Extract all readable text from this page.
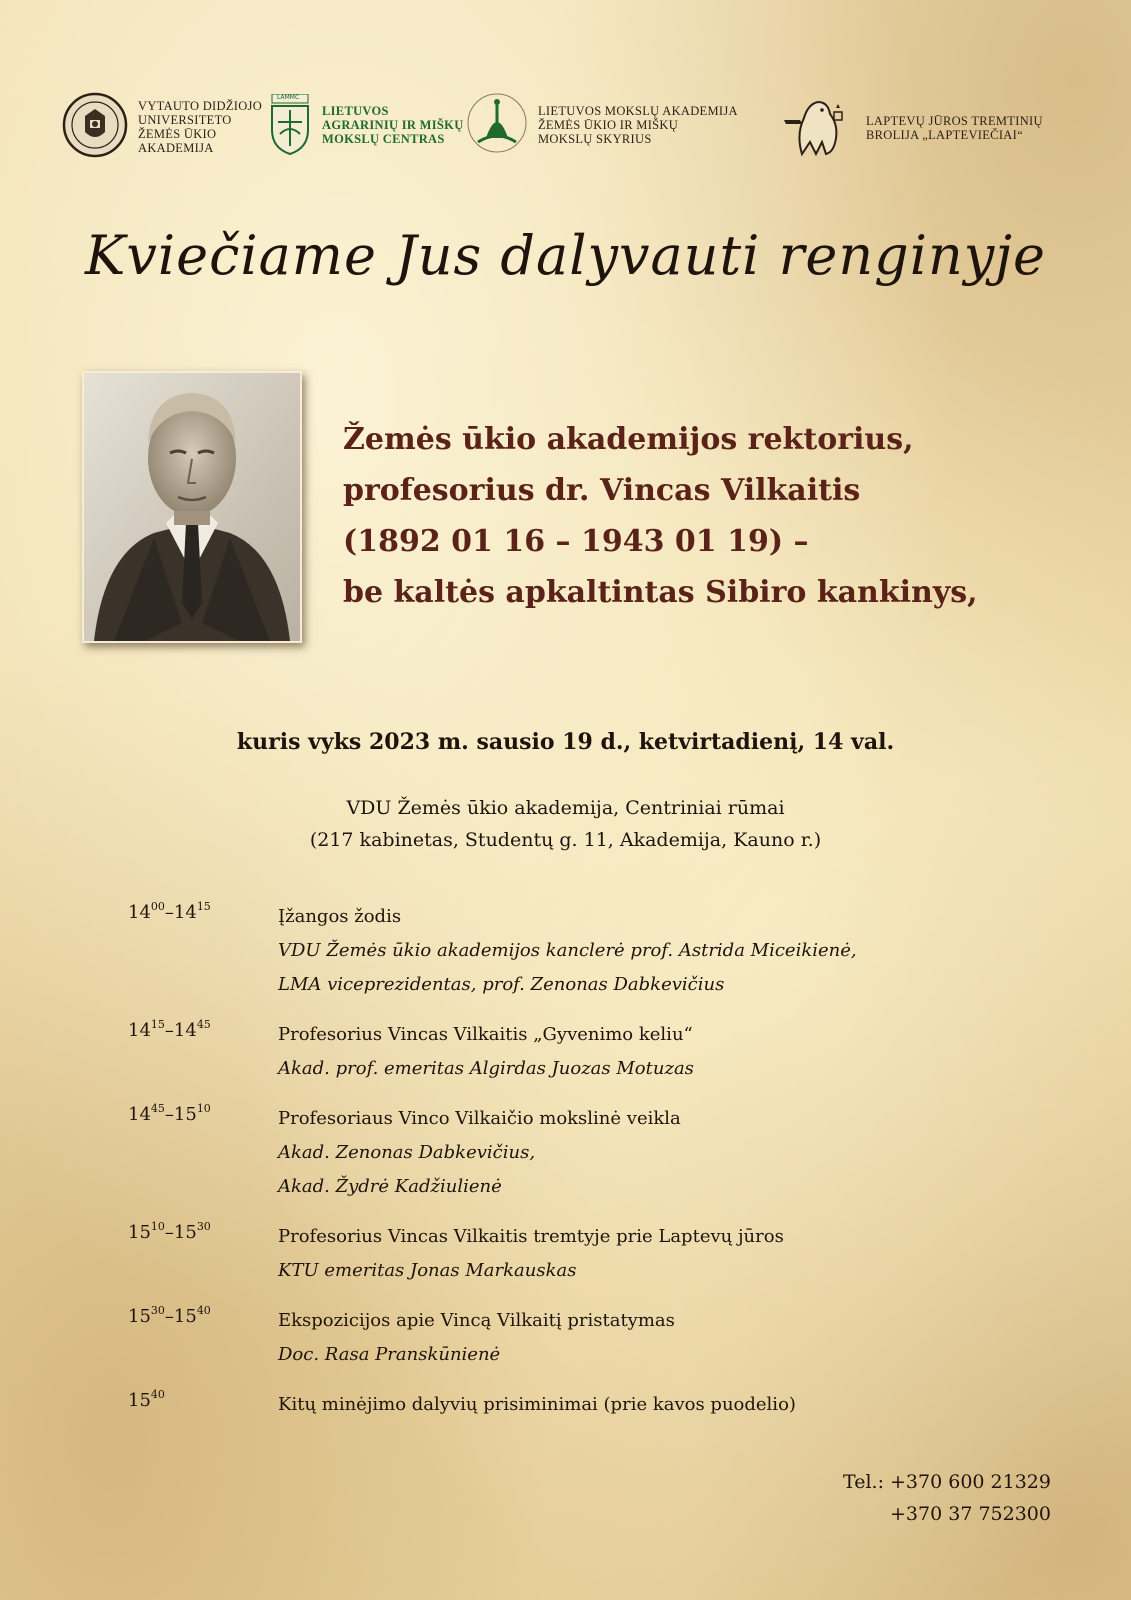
VYTAUTO DIDŽIOJO
UNIVERSITETO
ŽEMĖS ŪKIO
AKADEMIJA
LAMMC
LIETUVOS
AGRARINIŲ IR MIŠKŲ
MOKSLŲ CENTRAS
LIETUVOS MOKSLŲ AKADEMIJA
ŽEMĖS ŪKIO IR MIŠKŲ
MOKSLŲ SKYRIUS
LAPTEVŲ JŪROS TREMTINIŲ
BROLIJA „LAPTEVIEČIAI“
Kviečiame Jus dalyvauti renginyje
Žemės ūkio akademijos rektorius,
profesorius dr. Vincas Vilkaitis
(1892 01 16 – 1943 01 19) –
be kaltės apkaltintas Sibiro kankinys,
kuris vyks 2023 m. sausio 19 d., ketvirtadienį, 14 val.
VDU Žemės ūkio akademija, Centriniai rūmai
(217 kabinetas, Studentų g. 11, Akademija, Kauno r.)
$14^{00}-14^{15}$	Įžangos žodis
VDU Žemės ūkio akademijos kanclerė prof. Astrida Miceikienė,
LMA viceprezidentas, prof. Zenonas Dabkevičius
$14^{15}-14^{45}$	Profesorius Vincas Vilkaitis „Gyvenimo keliu“
Akad. prof. emeritas Algirdas Juozas Motuzas
$14^{45}-15^{10}$	Profesoriaus Vinco Vilkaičio mokslinė veikla
Akad. Zenonas Dabkevičius,
Akad. Žydrė Kadžiulienė
$15^{10}-15^{30}$	Profesorius Vincas Vilkaitis tremtyje prie Laptevų jūros
KTU emeritas Jonas Markauskas
$15^{30}-15^{40}$	Ekspozicijos apie Vincą Vilkaitį pristatymas
Doc. Rasa Pranskūnienė
$15^{40}$	Kitų minėjimo dalyvių prisiminimai (prie kavos puodelio)
Tel.: +370 600 21329
+370 37 752300
